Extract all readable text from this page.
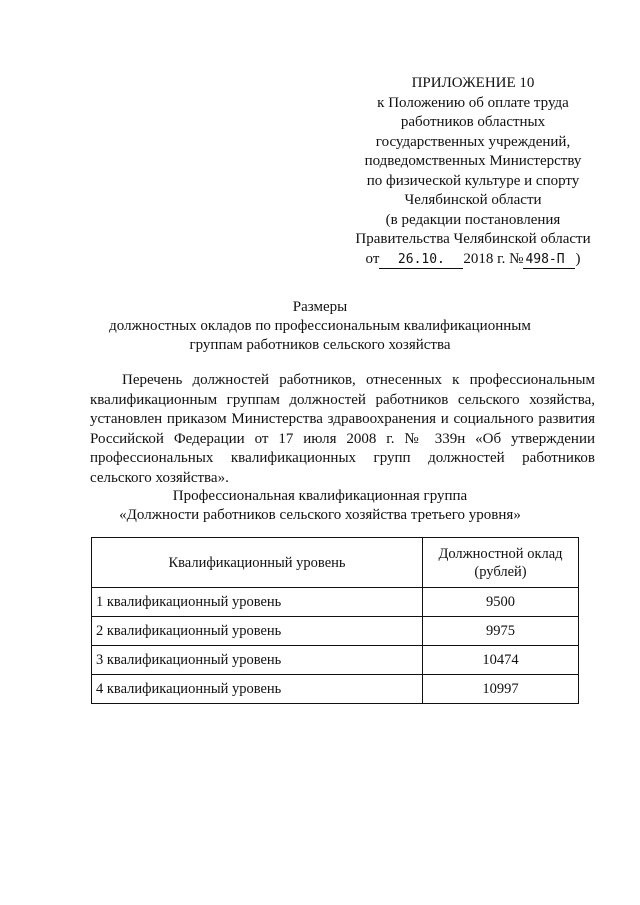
ПРИЛОЖЕНИЕ 10
к Положению об оплате труда
работников областных
государственных учреждений,
подведомственных Министерству
по физической культуре и спорту
Челябинской области
(в редакции постановления
Правительства Челябинской области
от 26.10. 2018 г. № 498-П )
Размеры
должностных окладов по профессиональным квалификационным
группам работников сельского хозяйства
Перечень должностей работников, отнесенных к профессиональным
квалификационным группам должностей работников сельского хозяйства,
установлен приказом Министерства здравоохранения и социального развития
Российской Федерации от 17 июля 2008 г. № 339н «Об утверждении
профессиональных квалификационных групп должностей работников
сельского хозяйства».
Профессиональная квалификационная группа
«Должности работников сельского хозяйства третьего уровня»
Квалификационный уровень	Должностной оклад
(рублей)
1 квалификационный уровень	9500
2 квалификационный уровень	9975
3 квалификационный уровень	10474
4 квалификационный уровень	10997
